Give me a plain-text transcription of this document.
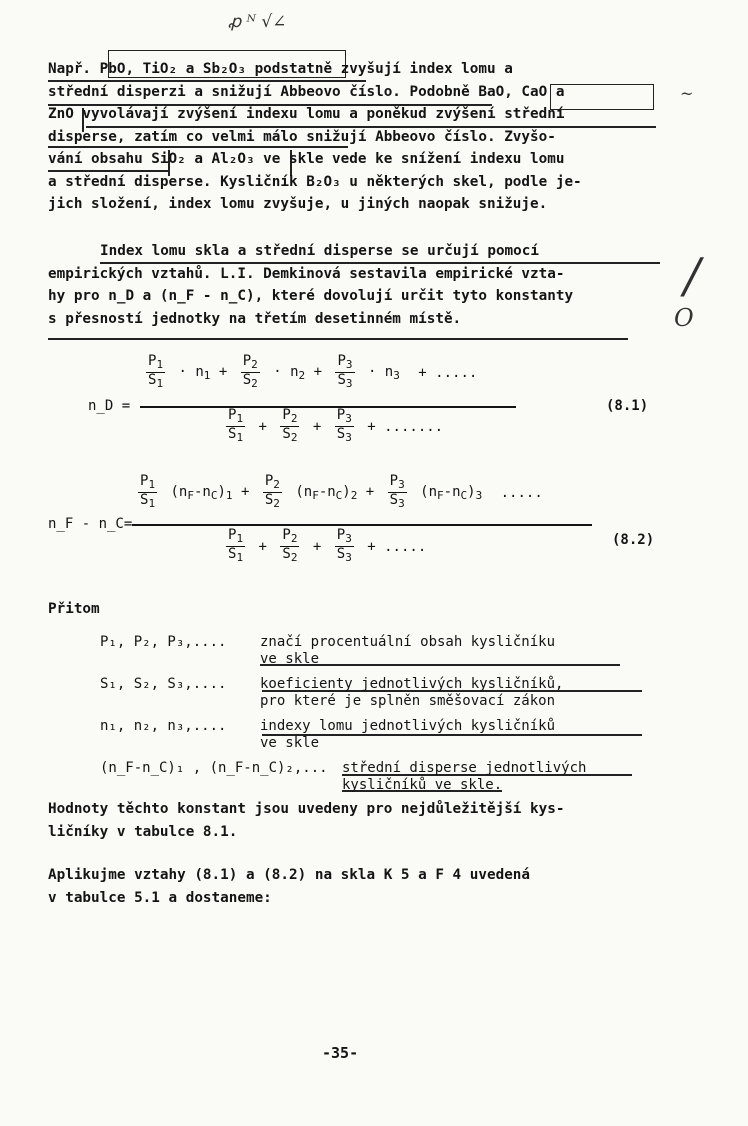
ꝓ ᴺ √∠
~
/
O
Např. PbO, TiO₂ a Sb₂O₃ podstatně zvyšují index lomu a
střední disperzi a snižují Abbeovo číslo. Podobně BaO, CaO a
ZnO vyvolávají zvýšení indexu lomu a poněkud zvýšení střední
disperse, zatím co velmi málo snižují Abbeovo číslo. Zvyšo-
vání obsahu SiO₂ a Al₂O₃ ve skle vede ke snížení indexu lomu
a střední disperse. Kysličník B₂O₃ u některých skel, podle je-
jich složení, index lomu zvyšuje, u jiných naopak snižuje.
Index lomu skla a střední disperse se určují pomocí
empirických vztahů. L.I. Demkinová sestavila empirické vzta-
hy pro n_D a (n_F - n_C), které dovolují určit tyto konstanty
s přesností jednotky na třetím desetinném místě.
n_D =
$\frac{P_1}{S_1} \cdot n_1 + \frac{P_2}{S_2} \cdot n_2 + \frac{P_3}{S_3} \cdot n_3$ + .....
$\frac{P_1}{S_1} + \frac{P_2}{S_2} + \frac{P_3}{S_3}$ + .......
(8.1)
n_F - n_C=
$\frac{P_1}{S_1} (n_F-n_C)_1 + \frac{P_2}{S_2} (n_F-n_C)_2 + \frac{P_3}{S_3} (n_F-n_C)_3$ .....
$\frac{P_1}{S_1} + \frac{P_2}{S_2} + \frac{P_3}{S_3}$ + .....	(8.2)
Přitom
P₁, P₂, P₃,.... značí procentuální obsah kysličníku
ve skle
S₁, S₂, S₃,.... koeficienty jednotlivých kysličníků,
pro které je splněn směšovací zákon
n₁, n₂, n₃,.... indexy lomu jednotlivých kysličníků
ve skle
(n_F-n_C)₁ , (n_F-n_C)₂,... střední disperse jednotlivých
kysličníků ve skle.
Hodnoty těchto konstant jsou uvedeny pro nejdůležitější kys-
ličníky v tabulce 8.1.
Aplikujme vztahy (8.1) a (8.2) na skla K 5 a F 4 uvedená
v tabulce 5.1 a dostaneme:
-35-
